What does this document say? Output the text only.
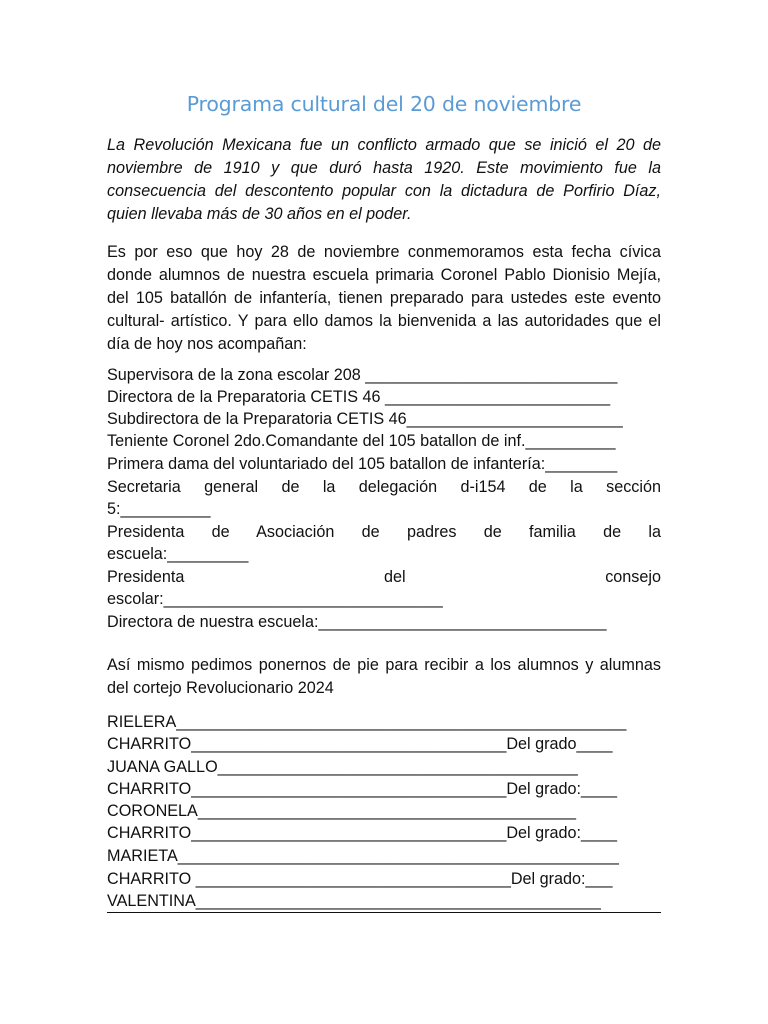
Programa cultural del 20 de noviembre

La Revolución Mexicana fue un conflicto armado que se inició el 20 de noviembre de 1910 y que duró hasta 1920. Este movimiento fue la consecuencia del descontento popular con la dictadura de Porfirio Díaz, quien llevaba más de 30 años en el poder.

Es por eso que hoy 28 de noviembre conmemoramos esta fecha cívica donde alumnos de nuestra escuela primaria Coronel Pablo Dionisio Mejía, del 105 batallón de infantería, tienen preparado para ustedes este evento cultural- artístico. Y para ello damos la bienvenida a las autoridades que el día de hoy nos acompañan:

Supervisora de la zona escolar 208 ____________________________

Directora de la Preparatoria CETIS 46 _________________________

Subdirectora de la Preparatoria CETIS 46________________________

Teniente Coronel 2do.Comandante del 105 batallon de inf.__________

Primera dama del voluntariado del 105 batallon de infantería:________

Secretaria general de la delegación d-i154 de la sección

5:__________

Presidenta de Asociación de padres de familia de la

escuela:_________

Presidenta del consejo

escolar:_______________________________

Directora de nuestra escuela:________________________________

Así mismo pedimos ponernos de pie para recibir a los alumnos y alumnas del cortejo Revolucionario 2024

RIELERA__________________________________________________

CHARRITO___________________________________Del grado____

JUANA GALLO________________________________________

CHARRITO___________________________________Del grado:____

CORONELA__________________________________________

CHARRITO___________________________________Del grado:____

MARIETA_________________________________________________

CHARRITO ___________________________________Del grado:___

VALENTINA_____________________________________________
